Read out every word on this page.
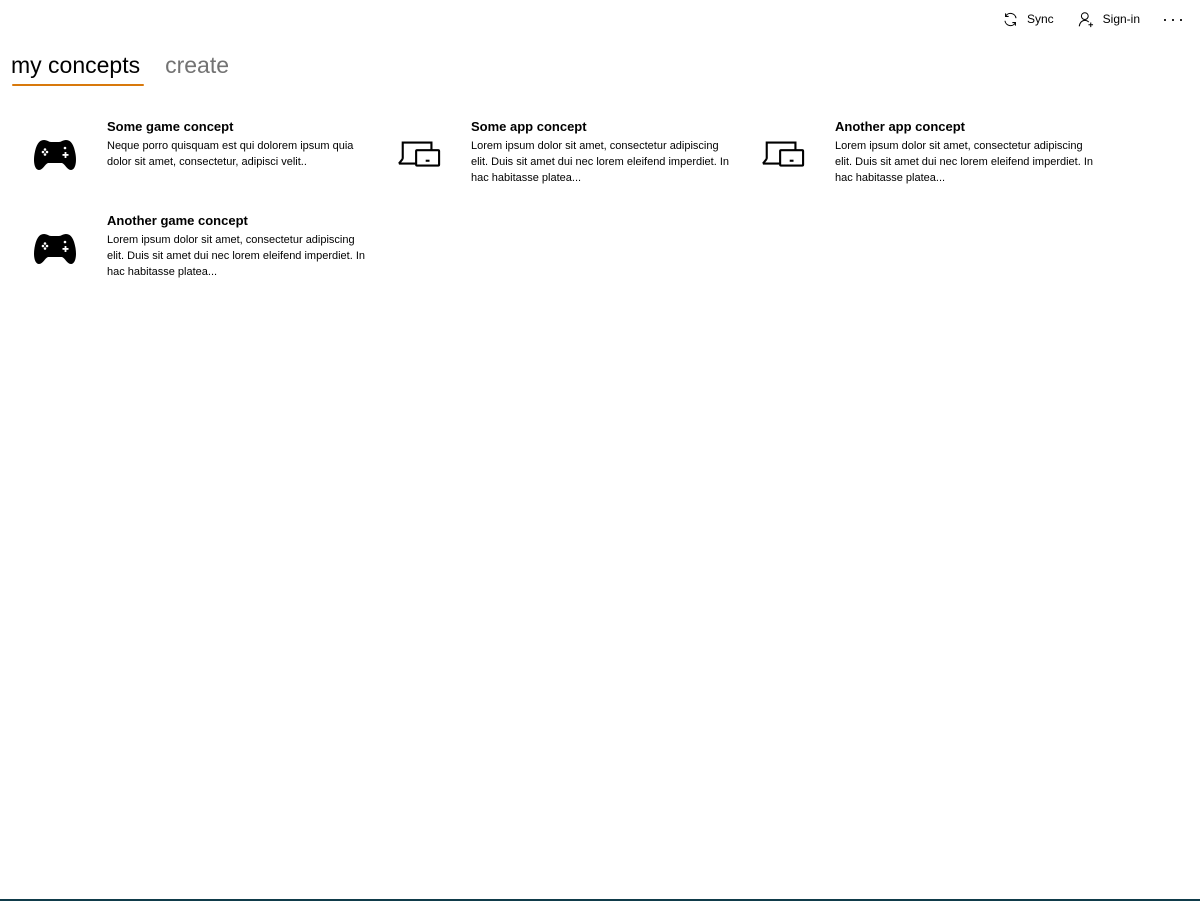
Sync	Sign-in ···
my concepts create
Some game concept
Neque porro quisquam est qui dolorem ipsum quia dolor sit amet, consectetur, adipisci velit..
Some app concept
Lorem ipsum dolor sit amet, consectetur adipiscing elit. Duis sit amet dui nec lorem eleifend imperdiet. In hac habitasse platea...
Another app concept
Lorem ipsum dolor sit amet, consectetur adipiscing elit. Duis sit amet dui nec lorem eleifend imperdiet. In hac habitasse platea...
Another game concept
Lorem ipsum dolor sit amet, consectetur adipiscing elit. Duis sit amet dui nec lorem eleifend imperdiet. In hac habitasse platea...
